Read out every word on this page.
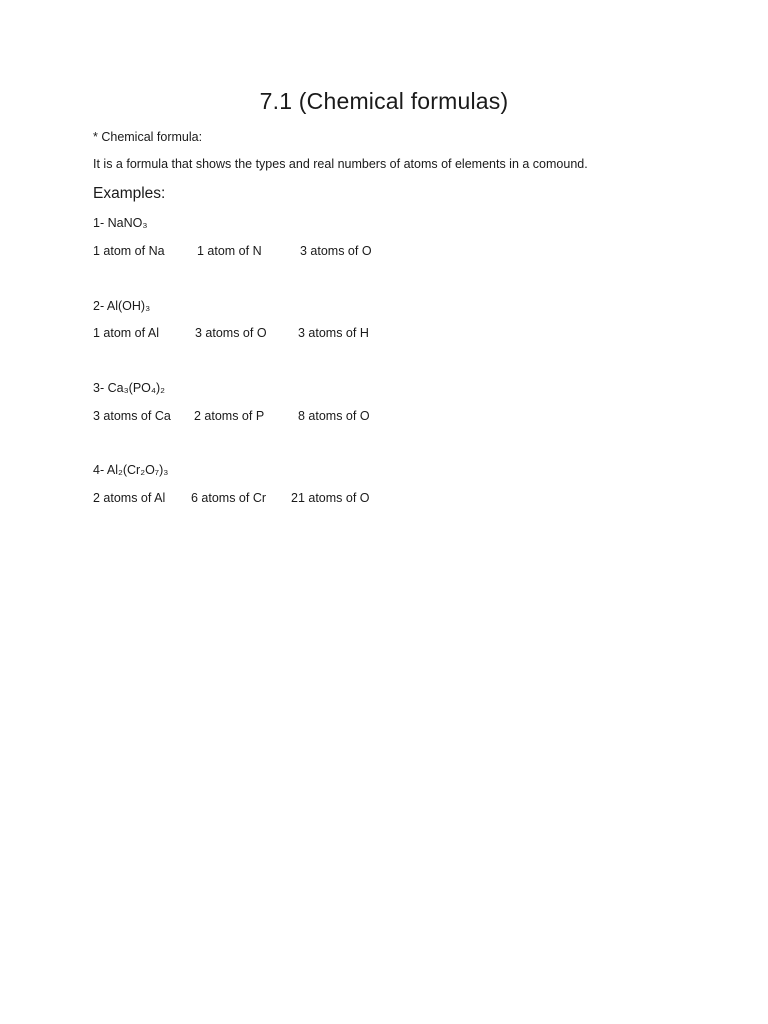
7.1 (Chemical formulas)

* Chemical formula:

It is a formula that shows the types and real numbers of atoms of elements in a comound.

Examples:

1- NaNO₃

1 atom of Na	1 atom of N	3 atoms of O

2- Al(OH)₃

1 atom of Al	3 atoms of O	3 atoms of H

3- Ca₃(PO₄)₂

3 atoms of Ca 2 atoms of P	8 atoms of O

4- Al₂(Cr₂O₇)₃

2 atoms of Al 6 atoms of Cr 21 atoms of O
